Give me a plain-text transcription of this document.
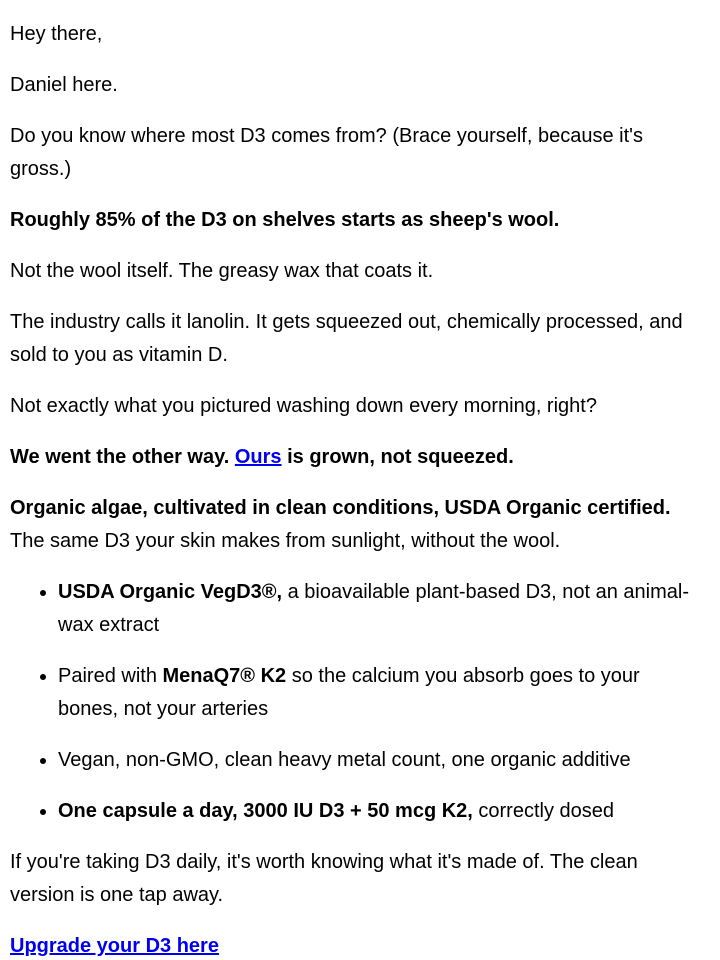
Hey there,

Daniel here.

Do you know where most D3 comes from? (Brace yourself, because it's gross.)

Roughly 85% of the D3 on shelves starts as sheep's wool.

Not the wool itself. The greasy wax that coats it.

The industry calls it lanolin. It gets squeezed out, chemically processed, and sold to you as vitamin D.

Not exactly what you pictured washing down every morning, right?

We went the other way. Ours is grown, not squeezed.

Organic algae, cultivated in clean conditions, USDA Organic certified. The same D3 your skin makes from sunlight, without the wool.

• USDA Organic VegD3®, a bioavailable plant-based D3, not an animal-wax extract
• Paired with MenaQ7® K2 so the calcium you absorb goes to your bones, not your arteries
• Vegan, non-GMO, clean heavy metal count, one organic additive
• One capsule a day, 3000 IU D3 + 50 mcg K2, correctly dosed

If you're taking D3 daily, it's worth knowing what it's made of. The clean version is one tap away.

Upgrade your D3 here
